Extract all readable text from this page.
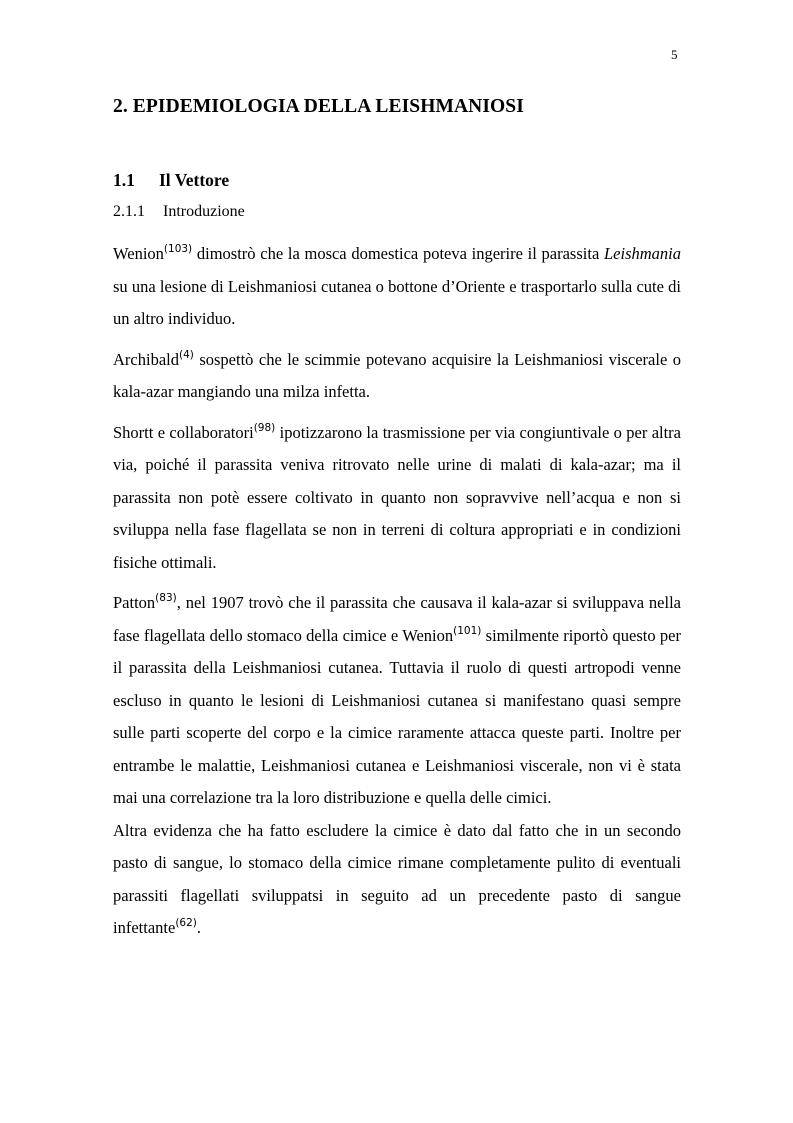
5
2. EPIDEMIOLOGIA DELLA LEISHMANIOSI
1.1 Il Vettore
2.1.1 Introduzione

Wenion$^{(103)}$ dimostrò che la mosca domestica poteva ingerire il parassita Leishmania su una lesione di Leishmaniosi cutanea o bottone d’Oriente e trasportarlo sulla cute di un altro individuo.

Archibald$^{(4)}$ sospettò che le scimmie potevano acquisire la Leishmaniosi viscerale o kala-azar mangiando una milza infetta.

Shortt e collaboratori$^{(98)}$ ipotizzarono la trasmissione per via congiuntivale o per altra via, poiché il parassita veniva ritrovato nelle urine di malati di kala-azar; ma il parassita non potè essere coltivato in quanto non sopravvive nell’acqua e non si sviluppa nella fase flagellata se non in terreni di coltura appropriati e in condizioni fisiche ottimali.

Patton$^{(83)}$, nel 1907 trovò che il parassita che causava il kala-azar si sviluppava nella fase flagellata dello stomaco della cimice e Wenion$^{(101)}$ similmente riportò questo per il parassita della Leishmaniosi cutanea. Tuttavia il ruolo di questi artropodi venne escluso in quanto le lesioni di Leishmaniosi cutanea si manifestano quasi sempre sulle parti scoperte del corpo e la cimice raramente attacca queste parti. Inoltre per entrambe le malattie, Leishmaniosi cutanea e Leishmaniosi viscerale, non vi è stata mai una correlazione tra la loro distribuzione e quella delle cimici.

Altra evidenza che ha fatto escludere la cimice è dato dal fatto che in un secondo pasto di sangue, lo stomaco della cimice rimane completamente pulito di eventuali parassiti flagellati sviluppatsi in seguito ad un precedente pasto di sangue infettante$^{(62)}$.
